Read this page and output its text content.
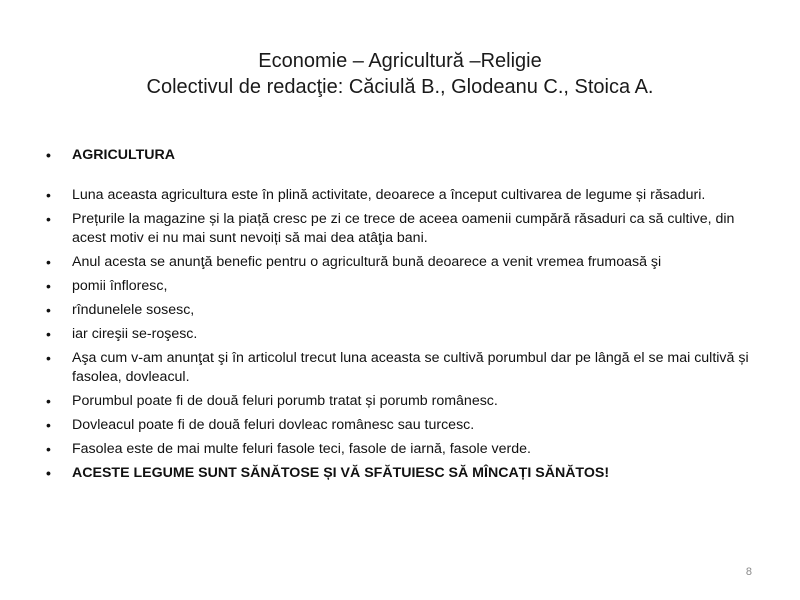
Economie – Agricultură –Religie
Colectivul de redacţie: Căciulă B., Glodeanu C., Stoica A.
• AGRICULTURA
• Luna aceasta agricultura este în plină activitate, deoarece a început cultivarea de legume și răsaduri.
• Prețurile la magazine și la piață cresc pe zi ce trece de aceea oamenii cumpără răsaduri ca să cultive, din acest motiv ei nu mai sunt nevoiți să mai dea atâţia bani.
• Anul acesta se anunţă benefic pentru o agricultură bună deoarece a venit vremea frumoasă şi
• pomii înfloresc,
• rîndunelele sosesc,
• iar cireşii se-roşesc.
• Aşa cum v-am anunţat şi în articolul trecut luna aceasta se cultivă porumbul dar pe lângă el se mai cultivă și fasolea, dovleacul.
• Porumbul poate fi de două feluri porumb tratat și porumb românesc.
• Dovleacul poate fi de două feluri dovleac românesc sau turcesc.
• Fasolea este de mai multe feluri fasole teci, fasole de iarnă, fasole verde.
• ACESTE LEGUME SUNT SĂNĂTOSE ȘI VĂ SFĂTUIESC SĂ MÎNCAȚI SĂNĂTOS!
8
